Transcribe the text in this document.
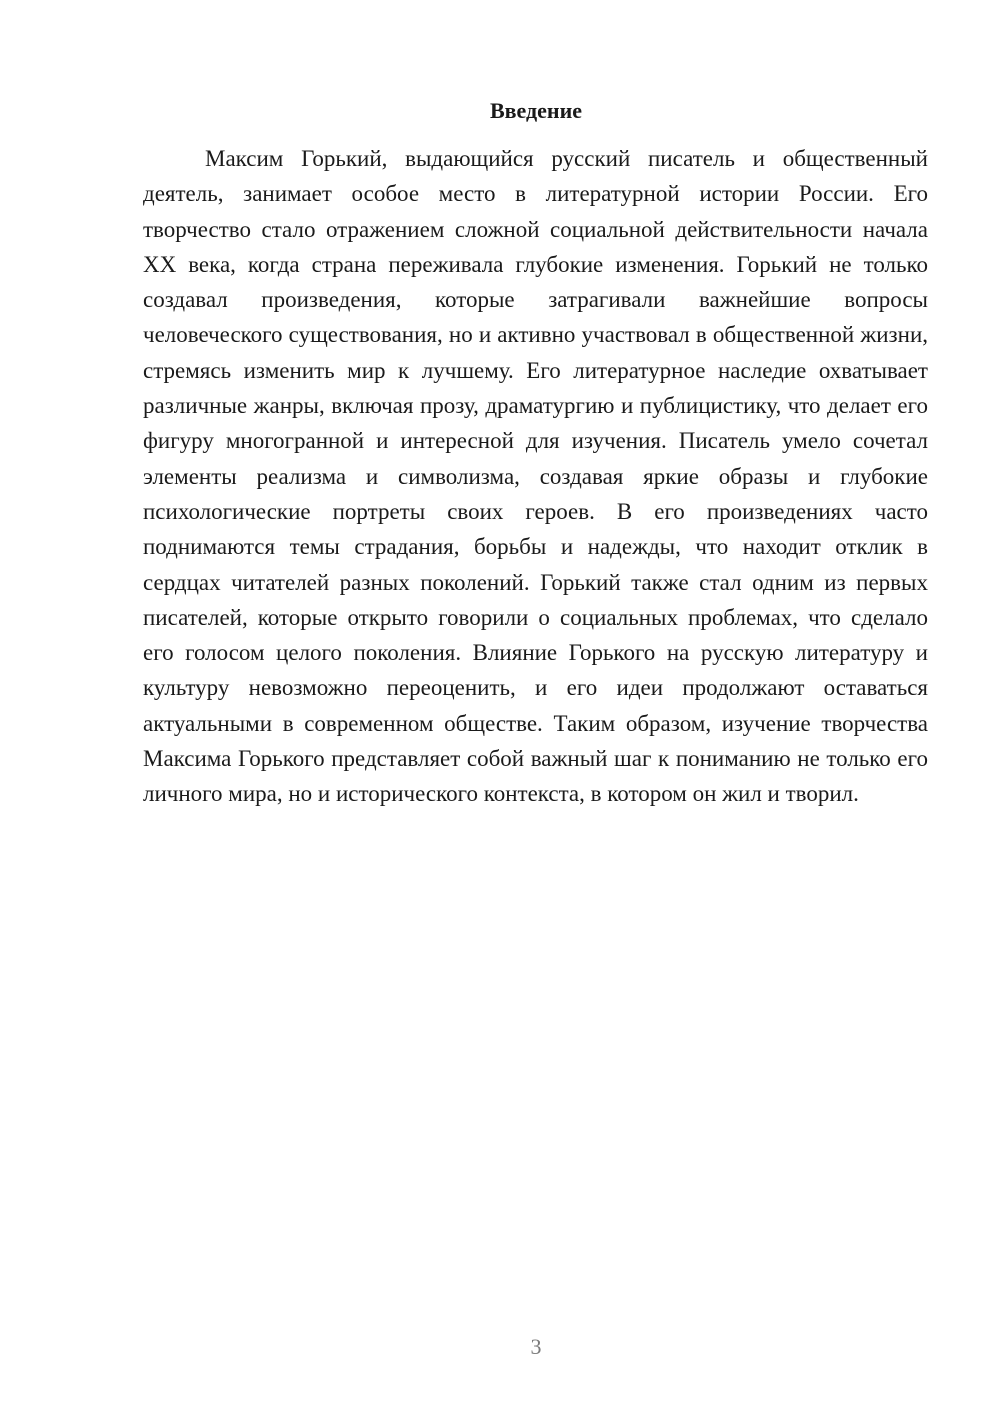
Введение

Максим Горький, выдающийся русский писатель и общественный деятель, занимает особое место в литературной истории России. Его творчество стало отражением сложной социальной действительности начала XX века, когда страна переживала глубокие изменения. Горький не только создавал произведения, которые затрагивали важнейшие вопросы человеческого существования, но и активно участвовал в общественной жизни, стремясь изменить мир к лучшему. Его литературное наследие охватывает различные жанры, включая прозу, драматургию и публицистику, что делает его фигуру многогранной и интересной для изучения. Писатель умело сочетал элементы реализма и символизма, создавая яркие образы и глубокие психологические портреты своих героев. В его произведениях часто поднимаются темы страдания, борьбы и надежды, что находит отклик в сердцах читателей разных поколений. Горький также стал одним из первых писателей, которые открыто говорили о социальных проблемах, что сделало его голосом целого поколения. Влияние Горького на русскую литературу и культуру невозможно переоценить, и его идеи продолжают оставаться актуальными в современном обществе. Таким образом, изучение творчества Максима Горького представляет собой важный шаг к пониманию не только его личного мира, но и исторического контекста, в котором он жил и творил.

3
